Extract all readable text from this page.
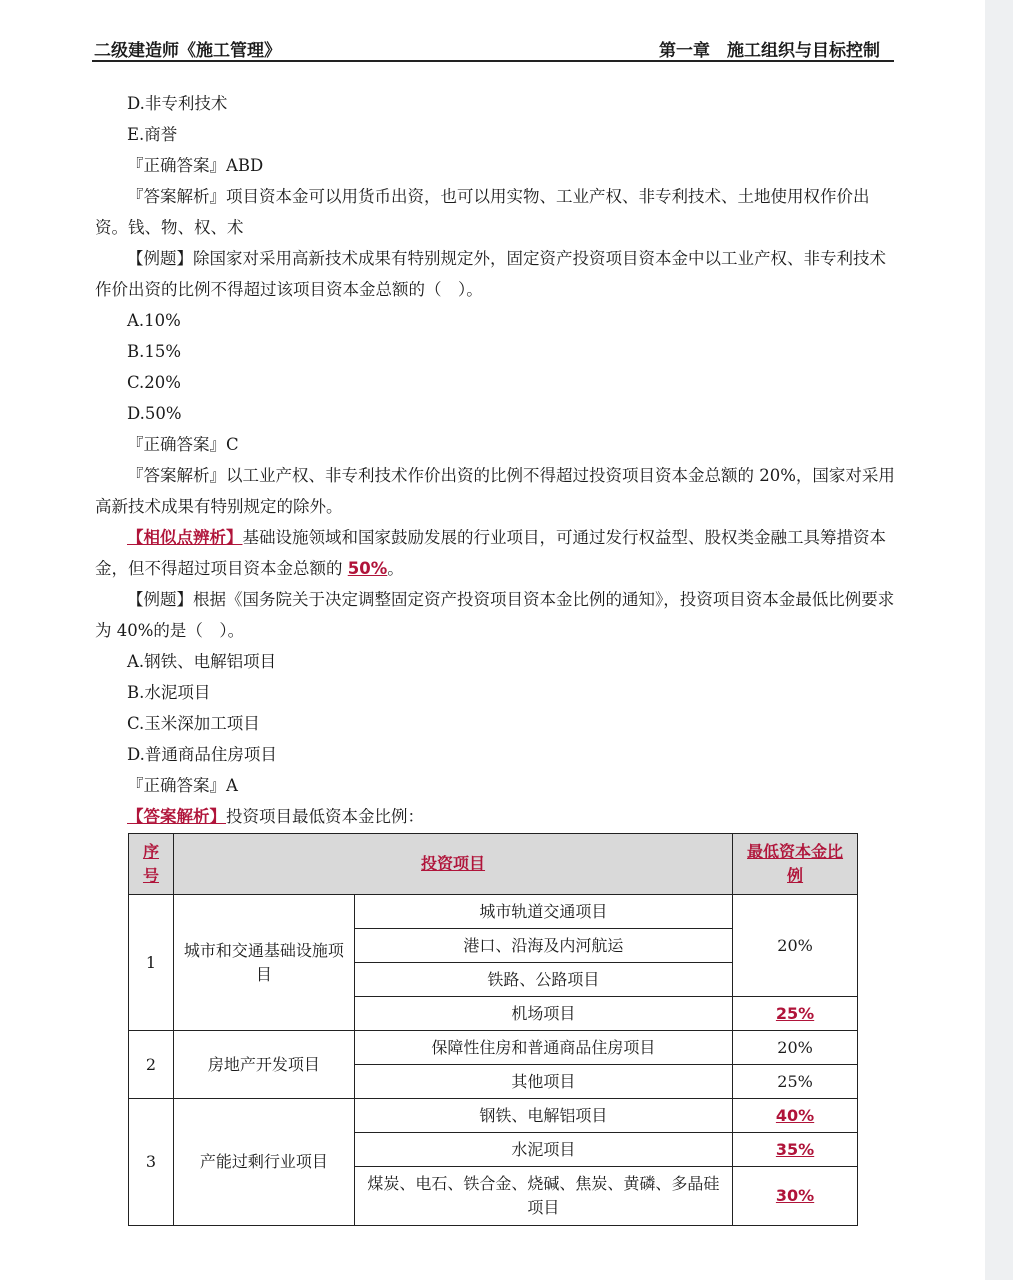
二级建造师《施工管理》	第一章　施工组织与目标控制
D.非专利技术
E.商誉
『正确答案』ABD
『答案解析』项目资本金可以用货币出资，也可以用实物、工业产权、非专利技术、土地使用权作价出资。钱、物、权、术
【例题】除国家对采用高新技术成果有特别规定外，固定资产投资项目资本金中以工业产权、非专利技术作价出资的比例不得超过该项目资本金总额的（　）。
A.10%
B.15%
C.20%
D.50%
『正确答案』C
『答案解析』以工业产权、非专利技术作价出资的比例不得超过投资项目资本金总额的 20%，国家对采用高新技术成果有特别规定的除外。
【相似点辨析】基础设施领域和国家鼓励发展的行业项目，可通过发行权益型、股权类金融工具筹措资本金，但不得超过项目资本金总额的 50%。
【例题】根据《国务院关于决定调整固定资产投资项目资本金比例的通知》，投资项目资本金最低比例要求为 40%的是（　）。
A.钢铁、电解铝项目
B.水泥项目
C.玉米深加工项目
D.普通商品住房项目
『正确答案』A
【答案解析】投资项目最低资本金比例：
序号	投资项目		最低资本金比例
1	城市和交通基础设施项目	城市轨道交通项目	20%
		港口、沿海及内河航运	
		铁路、公路项目	
		机场项目	25%
2	房地产开发项目	保障性住房和普通商品住房项目	20%
		其他项目	25%
3	产能过剩行业项目	钢铁、电解铝项目	40%
		水泥项目	35%
		煤炭、电石、铁合金、烧碱、焦炭、黄磷、多晶硅项目	30%
